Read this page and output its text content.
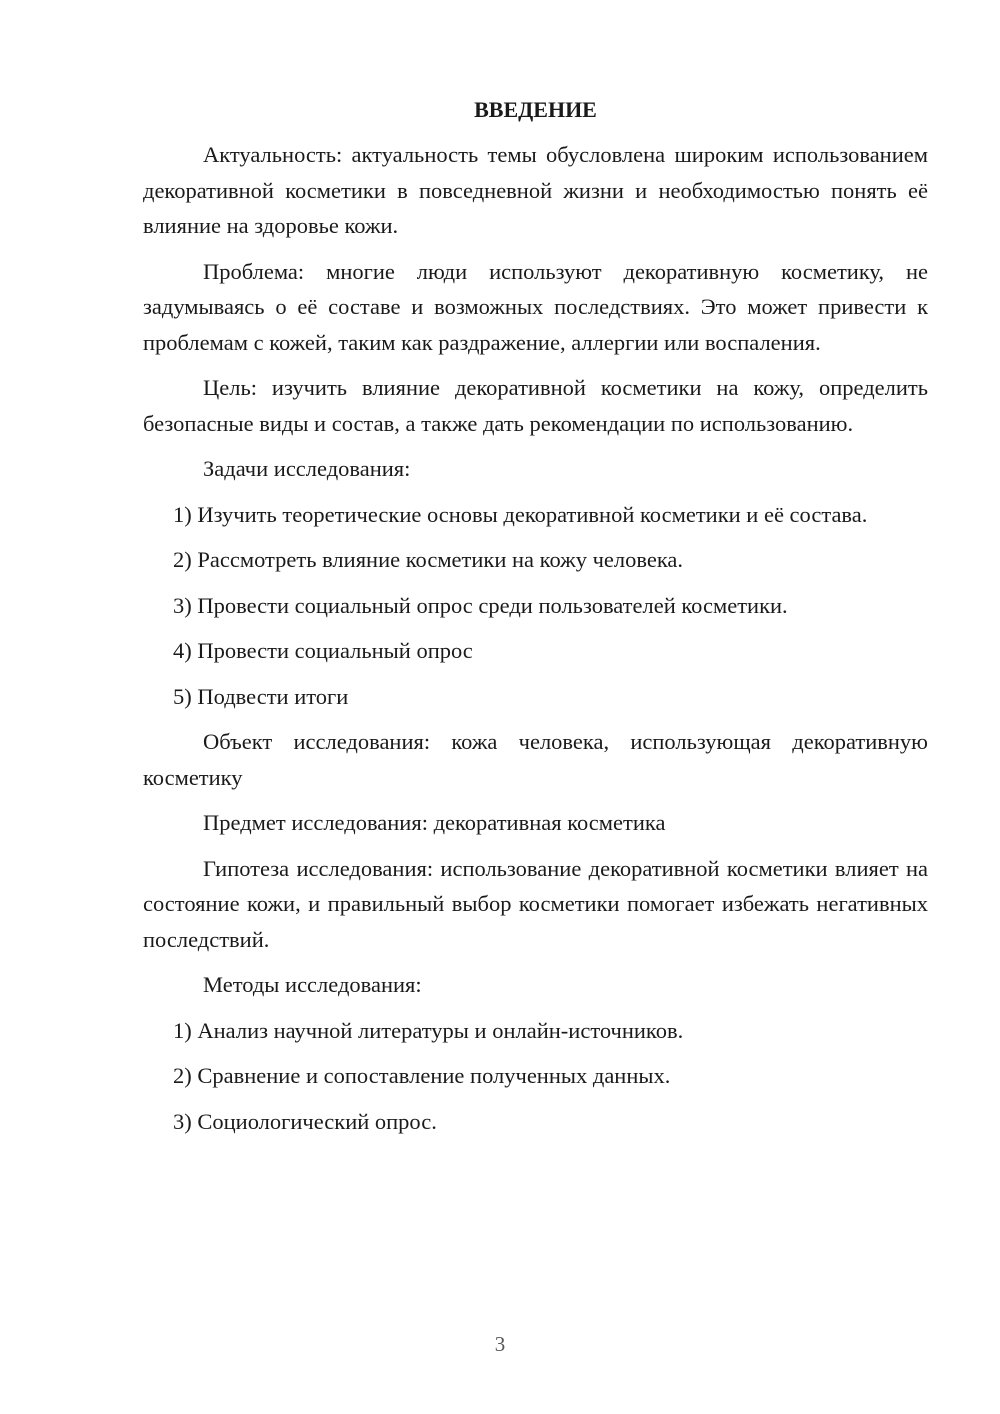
ВВЕДЕНИЕ
Актуальность: актуальность темы обусловлена широким использованием декоративной косметики в повседневной жизни и необходимостью понять её влияние на здоровье кожи.
Проблема: многие люди используют декоративную косметику, не задумываясь о её составе и возможных последствиях. Это может привести к проблемам с кожей, таким как раздражение, аллергии или воспаления.
Цель: изучить влияние декоративной косметики на кожу, определить безопасные виды и состав, а также дать рекомендации по использованию.
Задачи исследования:
1) Изучить теоретические основы декоративной косметики и её состава.
2) Рассмотреть влияние косметики на кожу человека.
3) Провести социальный опрос среди пользователей косметики.
4) Провести социальный опрос
5) Подвести итоги
Объект исследования: кожа человека, использующая декоративную косметику
Предмет исследования: декоративная косметика
Гипотеза исследования: использование декоративной косметики влияет на состояние кожи, и правильный выбор косметики помогает избежать негативных последствий.
Методы исследования:
1) Анализ научной литературы и онлайн-источников.
2) Сравнение и сопоставление полученных данных.
3) Социологический опрос.
3
